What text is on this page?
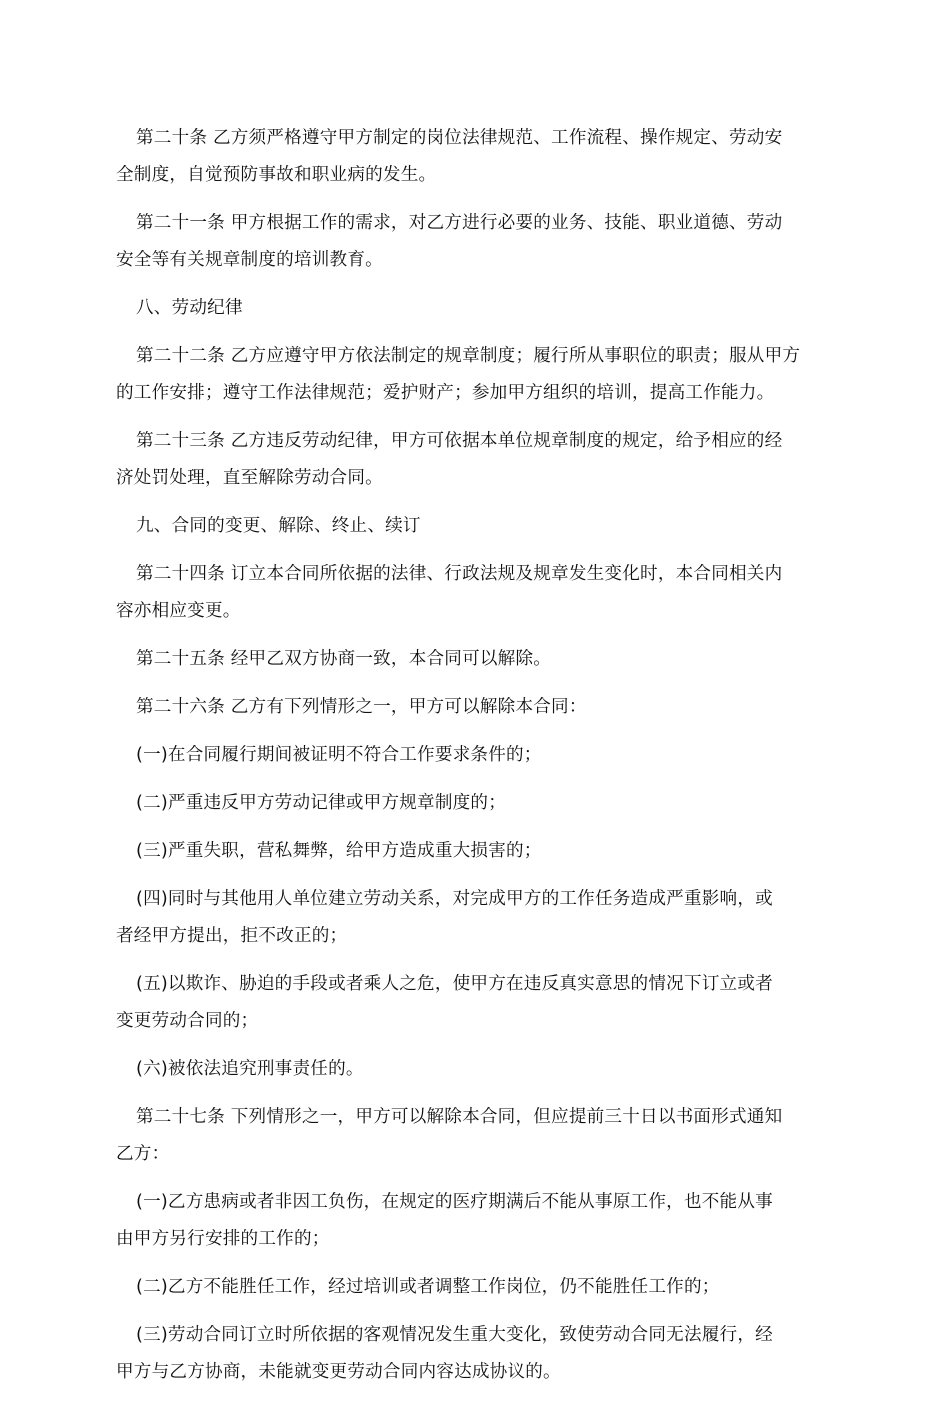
第二十条 乙方须严格遵守甲方制定的岗位法律规范、工作流程、操作规定、劳动安
全制度，自觉预防事故和职业病的发生。

第二十一条 甲方根据工作的需求，对乙方进行必要的业务、技能、职业道德、劳动
安全等有关规章制度的培训教育。

八、劳动纪律

第二十二条 乙方应遵守甲方依法制定的规章制度；履行所从事职位的职责；服从甲方
的工作安排；遵守工作法律规范；爱护财产；参加甲方组织的培训，提高工作能力。

第二十三条 乙方违反劳动纪律，甲方可依据本单位规章制度的规定，给予相应的经
济处罚处理，直至解除劳动合同。

九、合同的变更、解除、终止、续订

第二十四条 订立本合同所依据的法律、行政法规及规章发生变化时，本合同相关内
容亦相应变更。

第二十五条 经甲乙双方协商一致，本合同可以解除。

第二十六条 乙方有下列情形之一，甲方可以解除本合同：

(一)在合同履行期间被证明不符合工作要求条件的；

(二)严重违反甲方劳动记律或甲方规章制度的；

(三)严重失职，营私舞弊，给甲方造成重大损害的；

(四)同时与其他用人单位建立劳动关系，对完成甲方的工作任务造成严重影响，或
者经甲方提出，拒不改正的；

(五)以欺诈、胁迫的手段或者乘人之危，使甲方在违反真实意思的情况下订立或者
变更劳动合同的；

(六)被依法追究刑事责任的。

第二十七条 下列情形之一，甲方可以解除本合同，但应提前三十日以书面形式通知
乙方：

(一)乙方患病或者非因工负伤，在规定的医疗期满后不能从事原工作，也不能从事
由甲方另行安排的工作的；

(二)乙方不能胜任工作，经过培训或者调整工作岗位，仍不能胜任工作的；

(三)劳动合同订立时所依据的客观情况发生重大变化，致使劳动合同无法履行，经
甲方与乙方协商，未能就变更劳动合同内容达成协议的。
